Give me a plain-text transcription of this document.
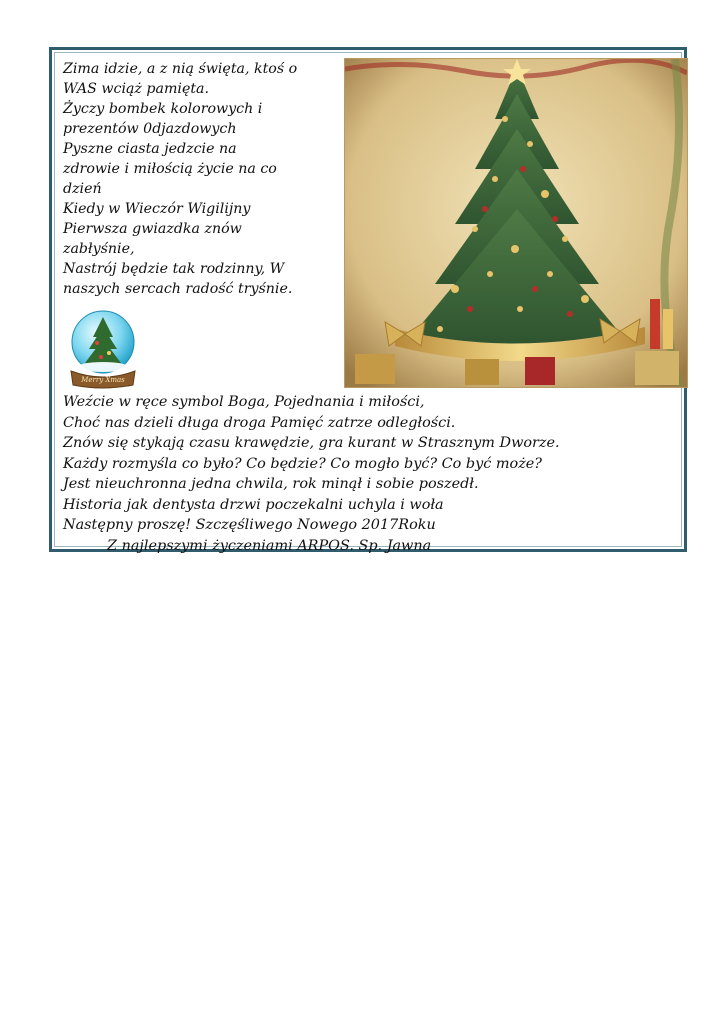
Zima idzie, a z nią święta, ktoś o
WAS wciąż pamięta.
Życzy bombek kolorowych i
prezentów 0djazdowych
Pyszne ciasta jedzcie na
zdrowie i miłością życie na co
dzień
Kiedy w Wieczór Wigilijny
Pierwsza gwiazdka znów
zabłyśnie,
Nastrój będzie tak rodzinny, W
naszych sercach radość tryśnie.
Merry Xmas
Weźcie w ręce symbol Boga, Pojednania i miłości,
Choć nas dzieli długa droga Pamięć zatrze odległości.
Znów się stykają czasu krawędzie, gra kurant w Strasznym Dworze.
Każdy rozmyśla co było? Co będzie? Co mogło być? Co być może?
Jest nieuchronna jedna chwila, rok minął i sobie poszedł.
Historia jak dentysta drzwi poczekalni uchyla i woła
Następny proszę! Szczęśliwego Nowego 2017Roku
Z najlepszymi życzeniami ARPOS. Sp. Jawna
